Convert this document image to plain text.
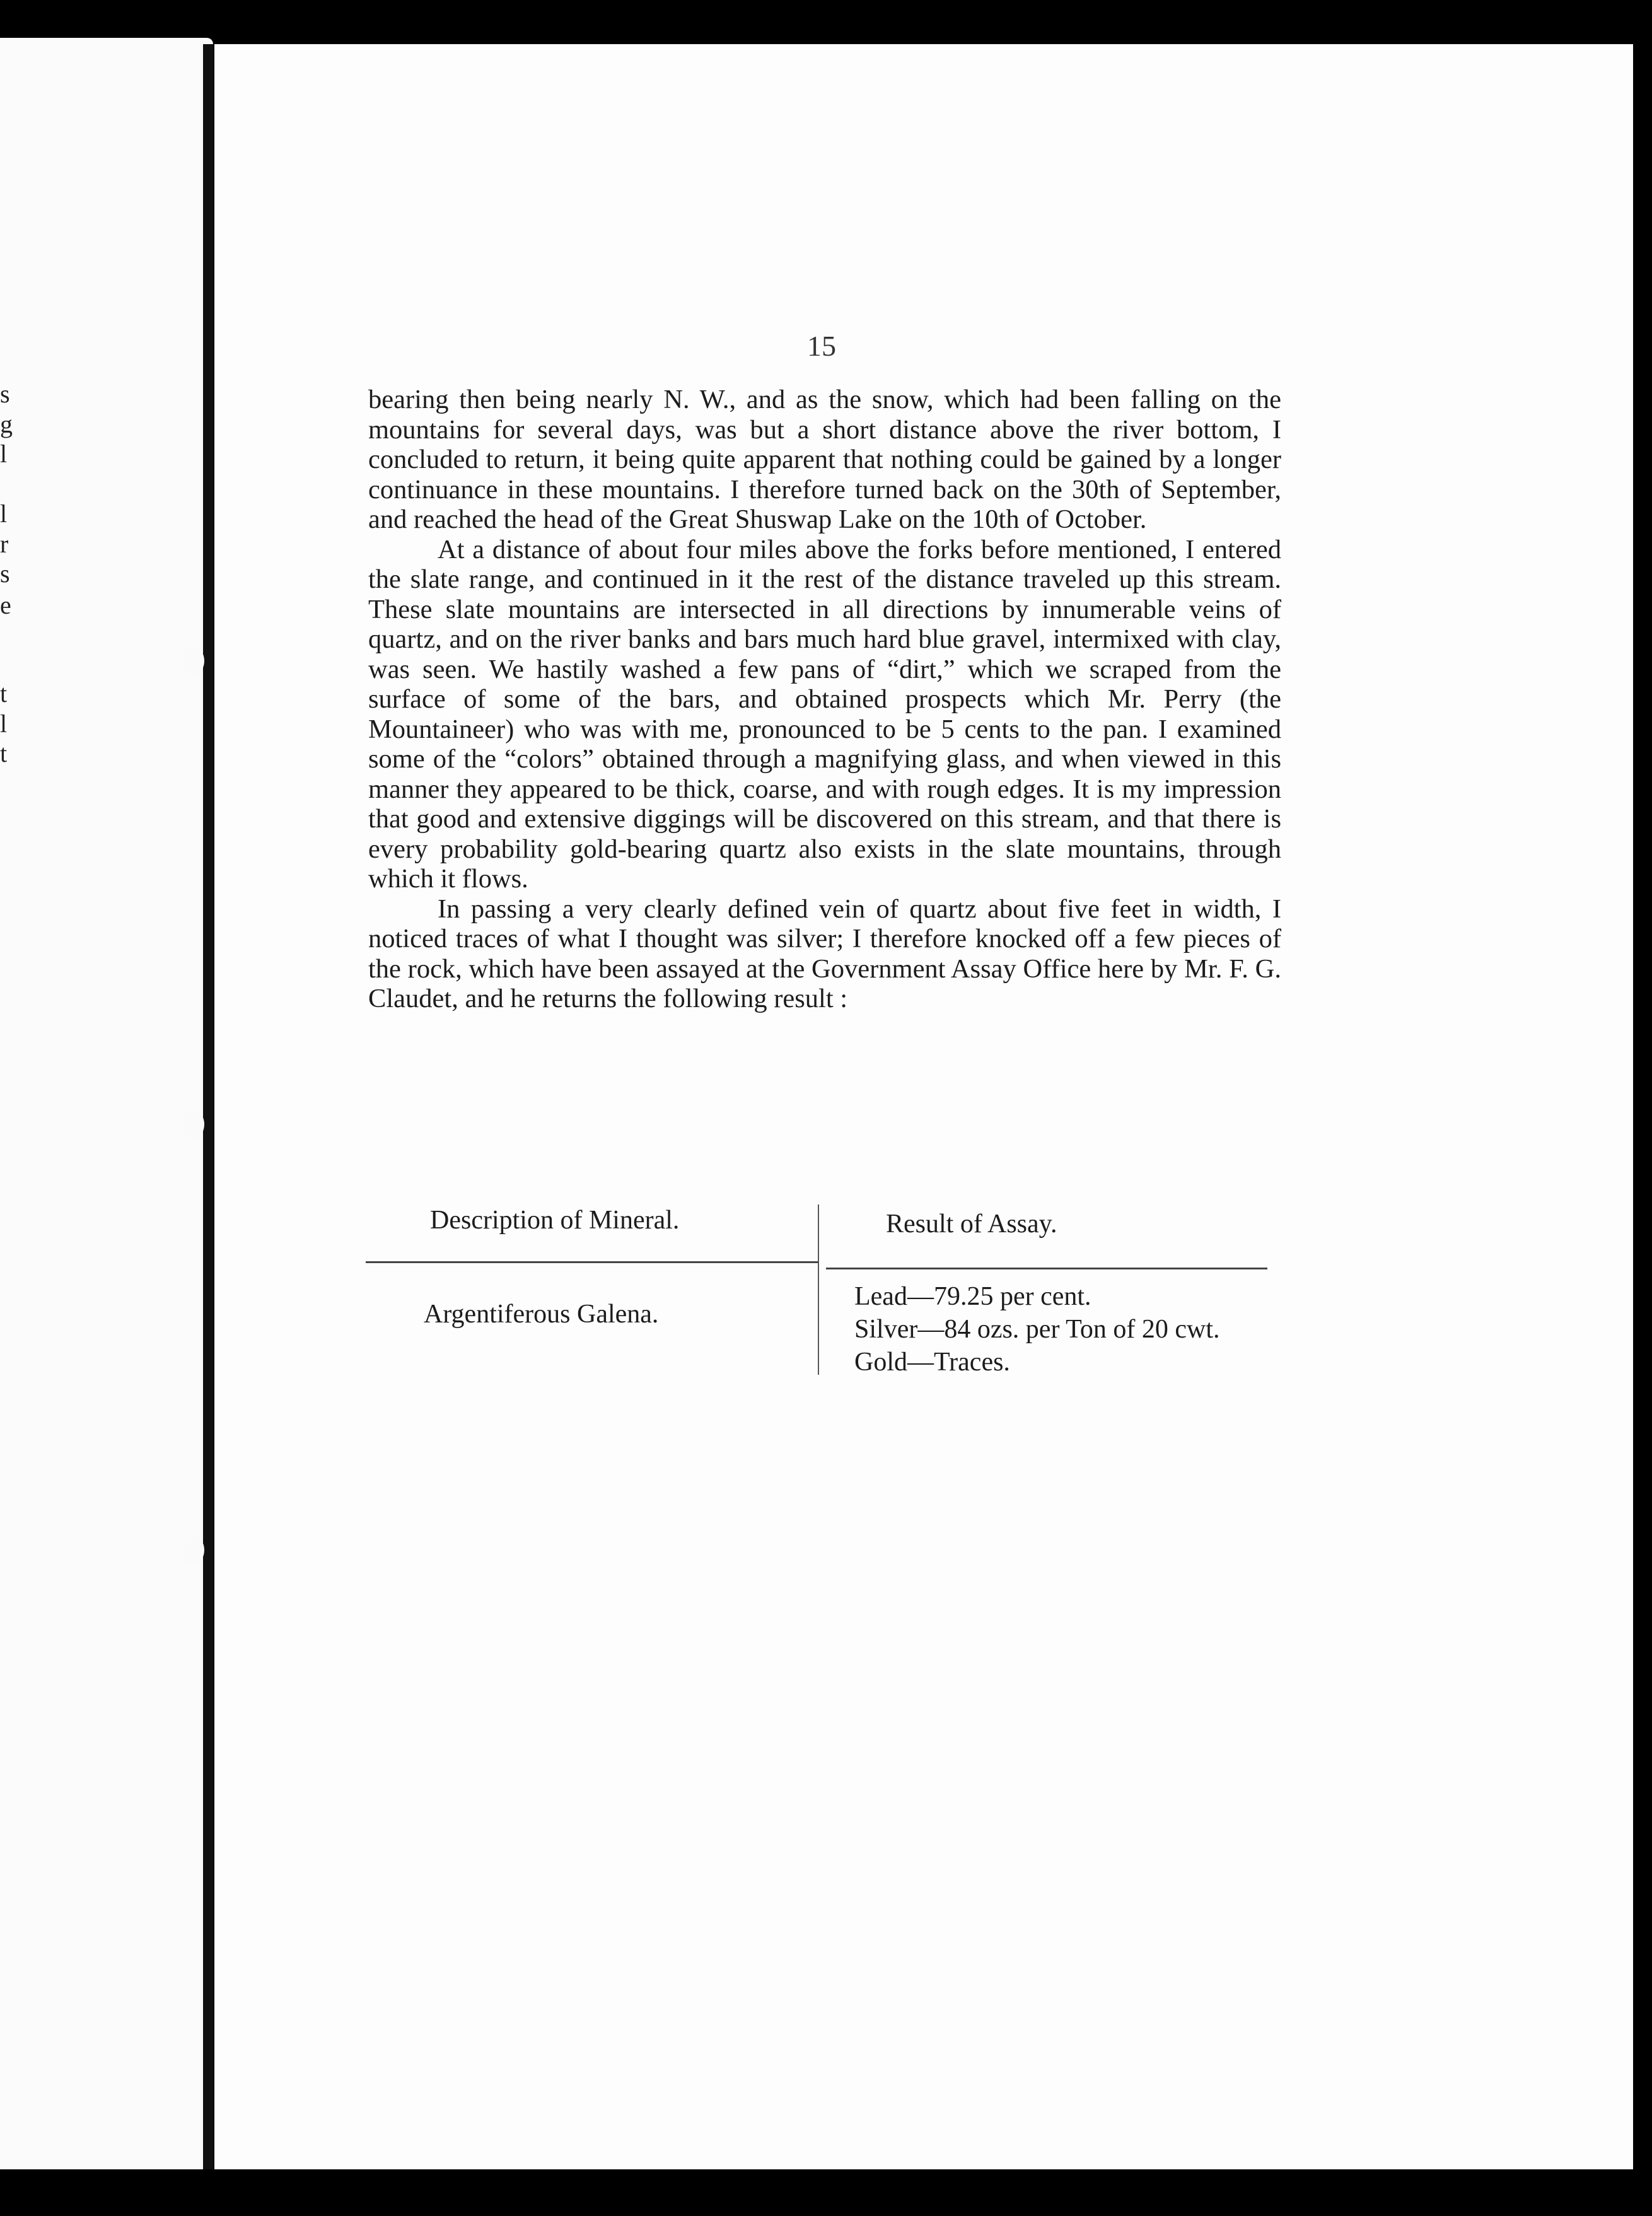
s
g
l
l
r
s
e
t
l
t
15

bearing then being nearly N. W., and as the snow, which had been falling on the mountains for several days, was but a short distance above the river bottom, I concluded to return, it being quite apparent that nothing could be gained by a longer continuance in these mountains. I therefore turned back on the 30th of September, and reached the head of the Great Shuswap Lake on the 10th of October.

At a distance of about four miles above the forks before mentioned, I entered the slate range, and continued in it the rest of the distance traveled up this stream. These slate mountains are intersected in all directions by innumerable veins of quartz, and on the river banks and bars much hard blue gravel, intermixed with clay, was seen. We hastily washed a few pans of “dirt,” which we scraped from the surface of some of the bars, and obtained prospects which Mr. Perry (the Mountaineer) who was with me, pronounced to be 5 cents to the pan. I examined some of the “colors” obtained through a magnifying glass, and when viewed in this manner they appeared to be thick, coarse, and with rough edges. It is my impression that good and extensive diggings will be discovered on this stream, and that there is every probability gold-bearing quartz also exists in the slate mountains, through which it flows.

In passing a very clearly defined vein of quartz about five feet in width, I noticed traces of what I thought was silver; I therefore knocked off a few pieces of the rock, which have been assayed at the Government Assay Office here by Mr. F. G. Claudet, and he returns the following result :

Description of Mineral.	Result of Assay.
Argentiferous Galena.
Lead—79.25 per cent.
Silver—84 ozs. per Ton of 20 cwt.
Gold—Traces.
